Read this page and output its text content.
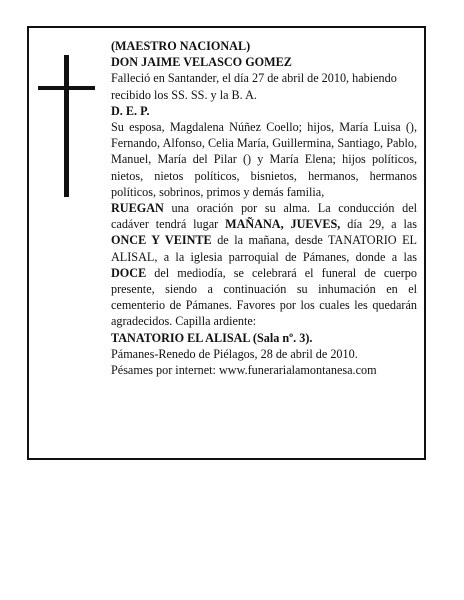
(MAESTRO NACIONAL)

DON JAIME VELASCO GOMEZ

Falleció en Santander, el día 27 de abril de 2010, habiendo recibido los SS. SS. y la B. A.

D. E. P.

Su esposa, Magdalena Núñez Coello; hijos, María Luisa (), Fernando, Alfonso, Celia María, Guillermina, Santiago, Pablo, Manuel, María del Pilar () y María Elena; hijos políticos, nietos, nietos políticos, bisnietos, hermanos, hermanos políticos, sobrinos, primos y demás familia,

RUEGAN una oración por su alma. La conducción del cadáver tendrá lugar MAÑANA, JUEVES, día 29, a las ONCE Y VEINTE de la mañana, desde TANATORIO EL ALISAL, a la iglesia parroquial de Pámanes, donde a las DOCE del mediodía, se celebrará el funeral de cuerpo presente, siendo a continuación su inhumación en el cementerio de Pámanes. Favores por los cuales les quedarán agradecidos. Capilla ardiente:

TANATORIO EL ALISAL (Sala nº. 3).

Pámanes-Renedo de Piélagos, 28 de abril de 2010.

Pésames por internet: www.funerarialamontanesa.com
